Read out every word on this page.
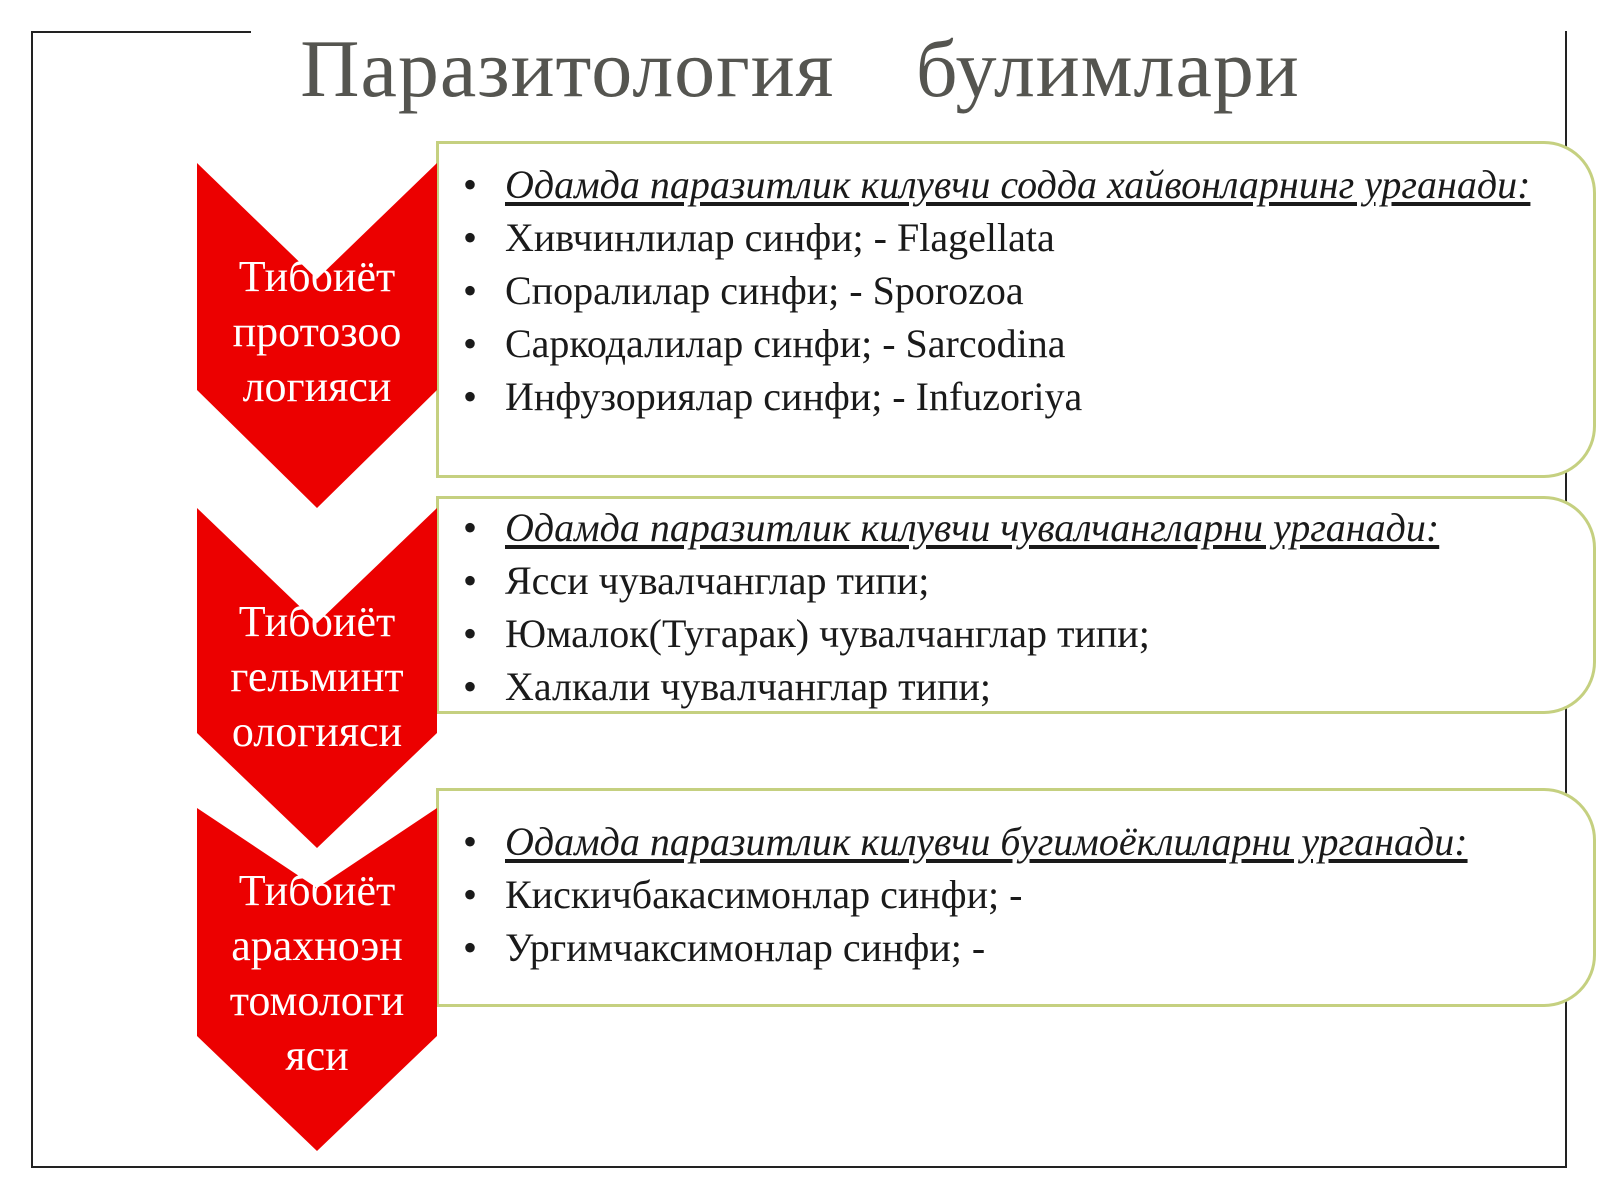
Паразитология булимлари
• Одамда паразитлик килувчи содда хайвонларнинг урганади:
• Хивчинлилар синфи; - Flagellata
• Споралилар синфи; - Sporozoa
• Саркодалилар синфи; - Sarcodina
• Инфузориялар синфи; - Infuzoriya
• Одамда паразитлик килувчи чувалчангларни урганади:
• Ясси чувалчанглар типи;
• Юмалок(Тугарак) чувалчанглар типи;
• Халкали чувалчанглар типи;
• Одамда паразитлик килувчи бугимоёклиларни урганади:
• Кискичбакасимонлар синфи; -
• Ургимчаксимонлар синфи; -
Тиббиёт
протозоо
логияси
Тиббиёт
гельминт
ологияси
Тиббиёт
арахноэн
томологи
яси
